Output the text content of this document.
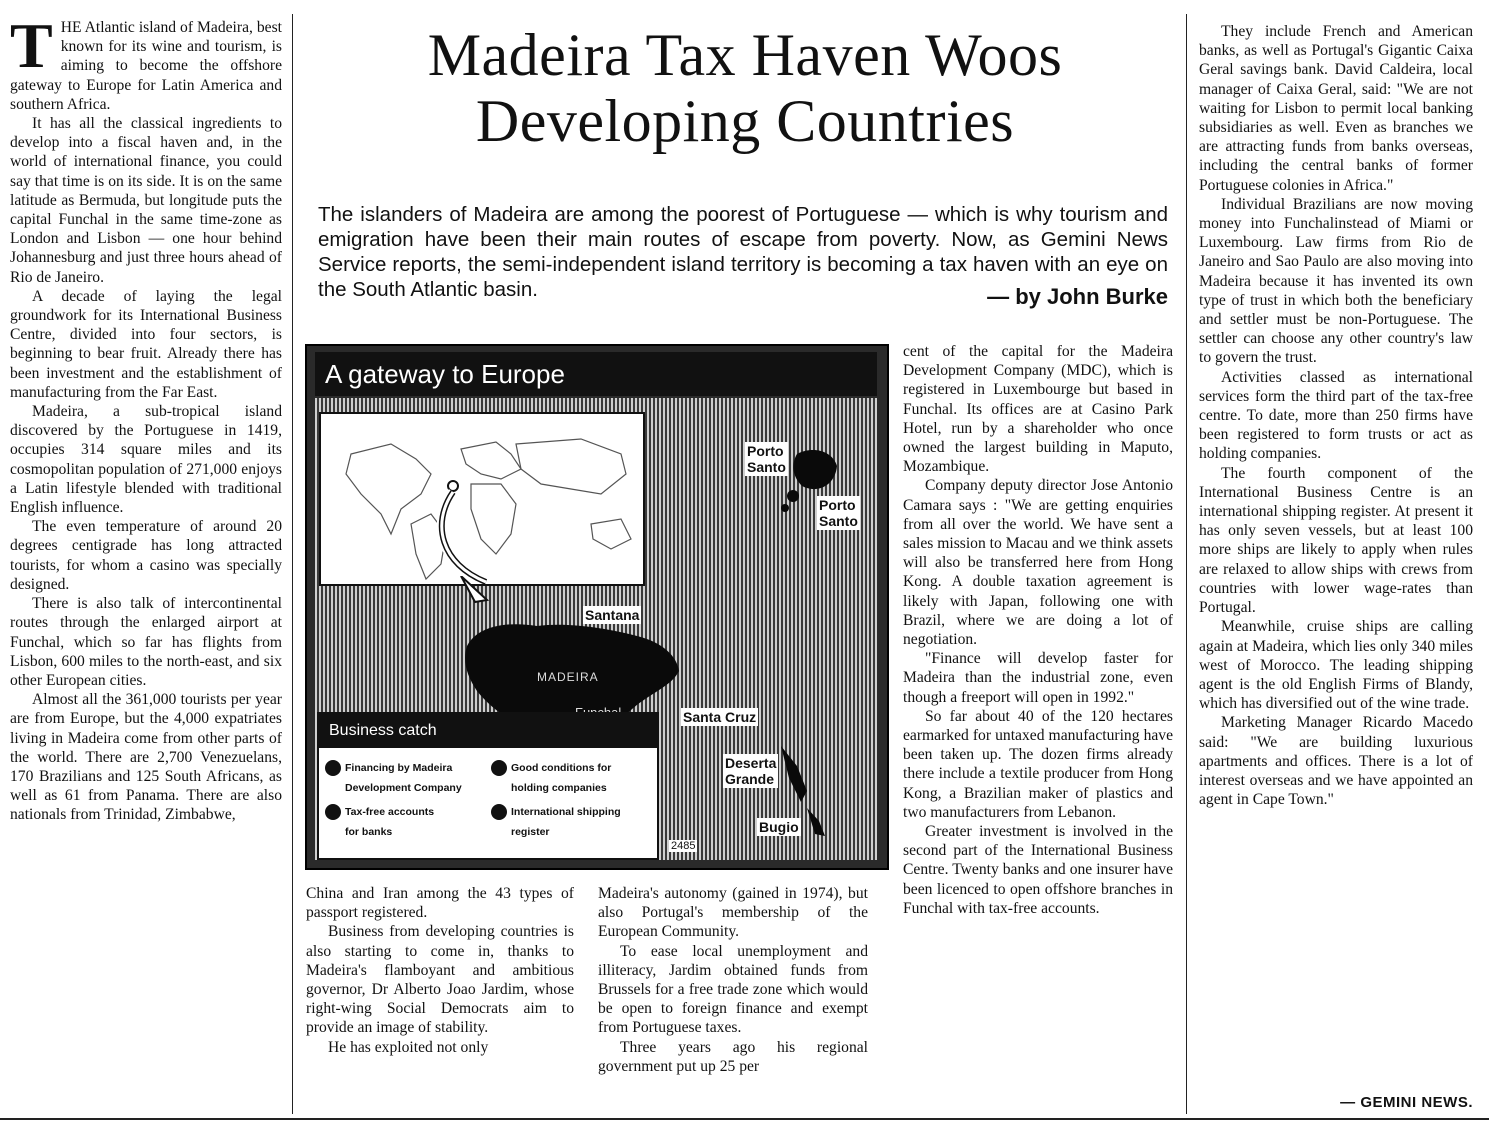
THE Atlantic island of Madeira, best known for its wine and tourism, is aiming to become the offshore gateway to Europe for Latin America and southern Africa.

It has all the classical ingredients to develop into a fiscal haven and, in the world of international finance, you could say that time is on its side. It is on the same latitude as Bermuda, but longitude puts the capital Funchal in the same time-zone as London and Lisbon — one hour behind Johannesburg and just three hours ahead of Rio de Janeiro.

A decade of laying the legal groundwork for its International Business Centre, divided into four sectors, is beginning to bear fruit. Already there has been investment and the establishment of manufacturing from the Far East.

Madeira, a sub-tropical island discovered by the Portuguese in 1419, occupies 314 square miles and its cosmopolitan population of 271,000 enjoys a Latin lifestyle blended with traditional English influence.

The even temperature of around 20 degrees centigrade has long attracted tourists, for whom a casino was specially designed.

There is also talk of intercontinental routes through the enlarged airport at Funchal, which so far has flights from Lisbon, 600 miles to the north-east, and six other European cities.

Almost all the 361,000 tourists per year are from Europe, but the 4,000 expatriates living in Madeira come from other parts of the world. There are 2,700 Venezuelans, 170 Brazilians and 125 South Africans, as well as 61 from Panama. There are also nationals from Trinidad, Zimbabwe,

Madeira Tax Haven Woos
Developing Countries

The islanders of Madeira are among the poorest of Portuguese — which is why tourism and emigration have been their main routes of escape from poverty. Now, as Gemini News Service reports, the semi-independent island territory is becoming a tax haven with an eye on the South Atlantic basin.	— by John Burke
A gateway to Europe
Porto
Santo
Porto
Santo
Santana
MADEIRA
Santa Cruz
Deserta
Grande
Bugio
2485
Business catch
Financing by Madeira
Development Company
Good conditions for
holding companies
Tax-free accounts
for banks
International shipping
register

cent of the capital for the Madeira Development Company (MDC), which is registered in Luxembourge but based in Funchal. Its offices are at Casino Park Hotel, run by a shareholder who once owned the largest building in Maputo, Mozambique.

Company deputy director Jose Antonio Camara says : "We are getting enquiries from all over the world. We have sent a sales mission to Macau and we think assets will also be transferred here from Hong Kong. A double taxation agreement is likely with Japan, following one with Brazil, where we are doing a lot of negotiation.

"Finance will develop faster for Madeira than the industrial zone, even though a freeport will open in 1992."

So far about 40 of the 120 hectares earmarked for untaxed manufacturing have been taken up. The dozen firms already there include a textile producer from Hong Kong, a Brazilian maker of plastics and two manufacturers from Lebanon.

Greater investment is involved in the second part of the International Business Centre. Twenty banks and one insurer have been licenced to open offshore branches in Funchal with tax-free accounts.

China and Iran among the 43 types of passport registered.

Business from developing countries is also starting to come in, thanks to Madeira's flamboyant and ambitious governor, Dr Alberto Joao Jardim, whose right-wing Social Democrats aim to provide an image of stability.

He has exploited not only

Madeira's autonomy (gained in 1974), but also Portugal's membership of the European Community.

To ease local unemployment and illiteracy, Jardim obtained funds from Brussels for a free trade zone which would be open to foreign finance and exempt from Portuguese taxes.

Three years ago his regional government put up 25 per

They include French and American banks, as well as Portugal's Gigantic Caixa Geral savings bank. David Caldeira, local manager of Caixa Geral, said: "We are not waiting for Lisbon to permit local banking subsidiaries as well. Even as branches we are attracting funds from banks overseas, including the central banks of former Portuguese colonies in Africa."

Individual Brazilians are now moving money into Funchalinstead of Miami or Luxembourg. Law firms from Rio de Janeiro and Sao Paulo are also moving into Madeira because it has invented its own type of trust in which both the beneficiary and settler must be non-Portuguese. The settler can choose any other country's law to govern the trust.

Activities classed as international services form the third part of the tax-free centre. To date, more than 250 firms have been registered to form trusts or act as holding companies.

The fourth component of the International Business Centre is an international shipping register. At present it has only seven vessels, but at least 100 more ships are likely to apply when rules are relaxed to allow ships with crews from countries with lower wage-rates than Portugal.

Meanwhile, cruise ships are calling again at Madeira, which lies only 340 miles west of Morocco. The leading shipping agent is the old English Firms of Blandy, which has diversified out of the wine trade.

Marketing Manager Ricardo Macedo said: "We are building luxurious apartments and offices. There is a lot of interest overseas and we have appointed an agent in Cape Town."

— GEMINI NEWS.
